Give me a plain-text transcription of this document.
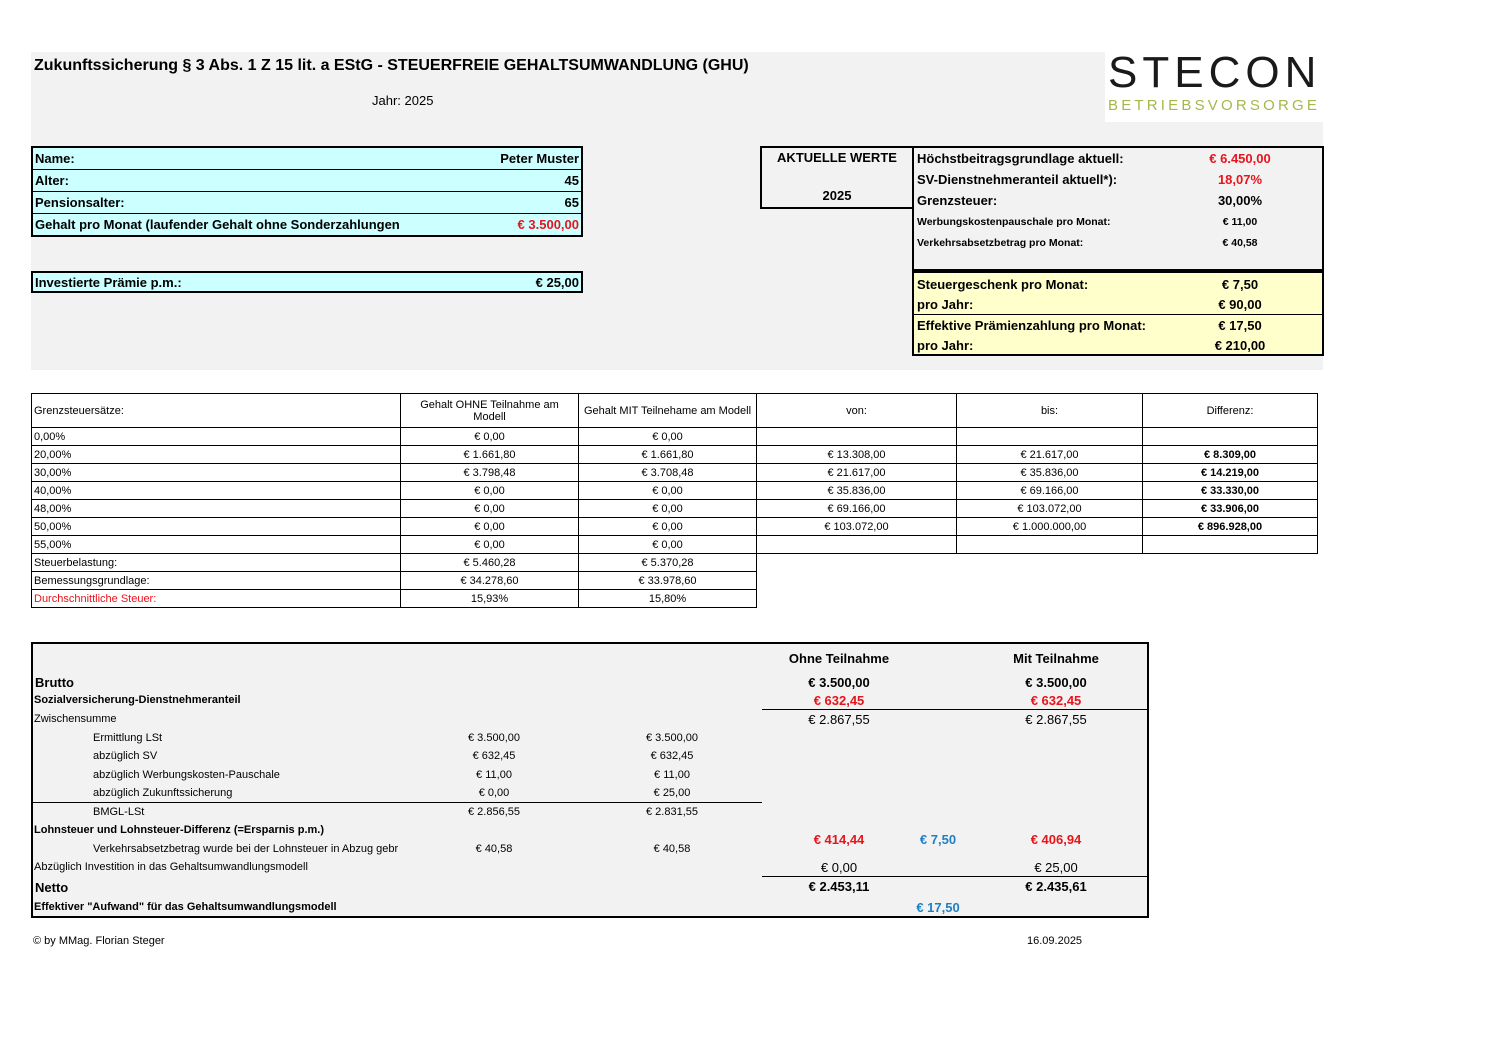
Zukunftssicherung § 3 Abs. 1 Z 15 lit. a EStG - STEUERFREIE GEHALTSUMWANDLUNG (GHU)
Jahr: 2025
STECON
BETRIEBSVORSORGE
Name:	Peter Muster
Alter:	45
Pensionsalter:	65
Gehalt pro Monat (laufender Gehalt ohne Sonderzahlungen	€ 3.500,00
Investierte Prämie p.m.:	€ 25,00
AKTUELLE WERTE
2025
Höchstbeitragsgrundlage aktuell:	€ 6.450,00
SV-Dienstnehmeranteil aktuell*):	18,07%
Grenzsteuer:	30,00%
Werbungskostenpauschale pro Monat:	€ 11,00
Verkehrsabsetzbetrag pro Monat:	€ 40,58
Steuergeschenk pro Monat:	€ 7,50
pro Jahr:	€ 90,00
Effektive Prämienzahlung pro Monat:	€ 17,50
pro Jahr:	€ 210,00
Grenzsteuersätze:	Gehalt OHNE Teilnahme am Modell	Gehalt MIT Teilnehame am Modell	von:	bis:	Differenz:
0,00%	€ 0,00	€ 0,00			
20,00%	€ 1.661,80	€ 1.661,80	€ 13.308,00	€ 21.617,00	€ 8.309,00
30,00%	€ 3.798,48	€ 3.708,48	€ 21.617,00	€ 35.836,00	€ 14.219,00
40,00%	€ 0,00	€ 0,00	€ 35.836,00	€ 69.166,00	€ 33.330,00
48,00%	€ 0,00	€ 0,00	€ 69.166,00	€ 103.072,00	€ 33.906,00
50,00%	€ 0,00	€ 0,00	€ 103.072,00	€ 1.000.000,00	€ 896.928,00
55,00%	€ 0,00	€ 0,00			
Steuerbelastung:	€ 5.460,28	€ 5.370,28			
Bemessungsgrundlage:	€ 34.278,60	€ 33.978,60			
Durchschnittliche Steuer:	15,93%	15,80%			
Ohne Teilnahme	Mit Teilnahme
Brutto	€ 3.500,00	€ 3.500,00
Sozialversicherung-Dienstnehmeranteil	€ 632,45	€ 632,45
Zwischensumme	€ 2.867,55	€ 2.867,55
Ermittlung LSt	€ 3.500,00	€ 3.500,00
abzüglich SV	€ 632,45	€ 632,45
abzüglich Werbungskosten-Pauschale	€ 11,00	€ 11,00
abzüglich Zukunftssicherung	€ 0,00	€ 25,00
BMGL-LSt	€ 2.856,55	€ 2.831,55
Lohnsteuer und Lohnsteuer-Differenz (=Ersparnis p.m.)
€ 414,44	€ 7,50	€ 406,94
Verkehrsabsetzbetrag wurde bei der Lohnsteuer in Abzug gebr	€ 40,58	€ 40,58
Abzüglich Investition in das Gehaltsumwandlungsmodell	€ 0,00	€ 25,00
Netto	€ 2.453,11	€ 2.435,61
Effektiver "Aufwand" für das Gehaltsumwandlungsmodell	€ 17,50
© by MMag. Florian Steger	16.09.2025
